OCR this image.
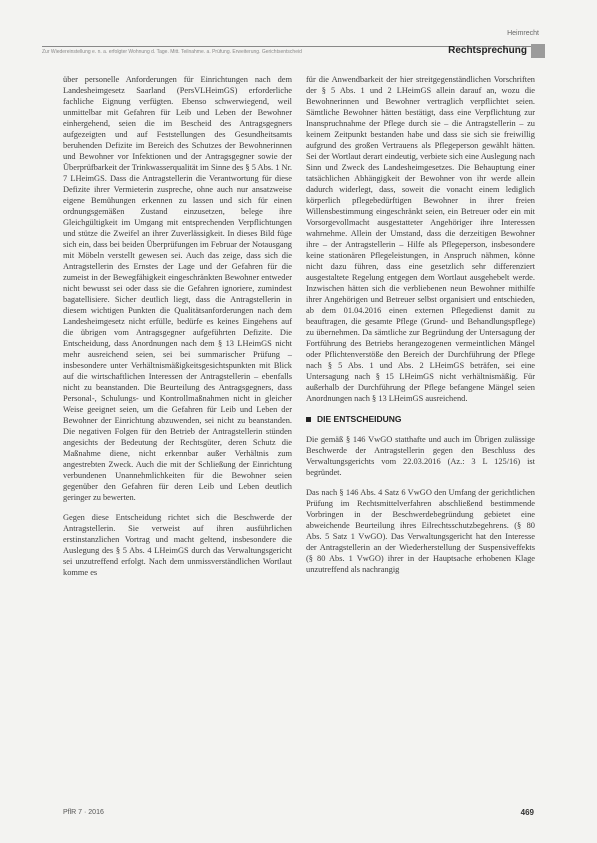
Heimrecht
Zur Wiedereinstellung e. n. a. erfolgter Wohnung d. Tage. Mitt. Teilnahme. a. Prüfung. Erweiterung. Gerichtsentscheid	Rechtsprechung

über personelle Anforderungen für Einrichtungen nach dem Landesheimgesetz Saarland (PersVLHeimGS) erforderliche fachliche Eignung verfügten. Ebenso schwerwiegend, weil unmittelbar mit Gefahren für Leib und Leben der Bewohner einhergehend, seien die im Bescheid des Antragsgegners aufgezeigten und auf Feststellungen des Gesundheitsamts beruhenden Defizite im Bereich des Schutzes der Bewohnerinnen und Bewohner vor Infektionen und der Antragsgegner sowie der Überprüfbarkeit der Trinkwasserqualität im Sinne des § 5 Abs. 1 Nr. 7 LHeimGS. Dass die Antragstellerin die Verantwortung für diese Defizite ihrer Vermieterin zuspreche, ohne auch nur ansatzweise eigene Bemühungen erkennen zu lassen und sich für einen ordnungsgemäßen Zustand einzusetzen, belege ihre Gleichgültigkeit im Umgang mit entsprechenden Verpflichtungen und stütze die Zweifel an ihrer Zuverlässigkeit. In dieses Bild füge sich ein, dass bei beiden Überprüfungen im Februar der Notausgang mit Möbeln verstellt gewesen sei. Auch das zeige, dass sich die Antragstellerin des Ernstes der Lage und der Gefahren für die zumeist in der Bewegfähigkeit eingeschränkten Bewohner entweder nicht bewusst sei oder dass sie die Gefahren ignoriere, zumindest bagatellisiere. Sicher deutlich liegt, dass die Antragstellerin in diesem wichtigen Punkten die Qualitätsanforderungen nach dem Landesheimgesetz nicht erfülle, bedürfe es keines Eingehens auf die übrigen vom Antragsgegner aufgeführten Defizite. Die Entscheidung, dass Anordnungen nach dem § 13 LHeimGS nicht mehr ausreichend seien, sei bei summarischer Prüfung – insbesondere unter Verhältnismäßigkeitsgesichtspunkten mit Blick auf die wirtschaftlichen Interessen der Antragstellerin – ebenfalls nicht zu beanstanden. Die Beurteilung des Antragsgegners, dass Personal-, Schulungs- und Kontrollmaßnahmen nicht in gleicher Weise geeignet seien, um die Gefahren für Leib und Leben der Bewohner der Einrichtung abzuwenden, sei nicht zu beanstanden. Die negativen Folgen für den Betrieb der Antragstellerin stünden angesichts der Bedeutung der Rechtsgüter, deren Schutz die Maßnahme diene, nicht erkennbar außer Verhältnis zum angestrebten Zweck. Auch die mit der Schließung der Einrichtung verbundenen Unannehmlichkeiten für die Bewohner seien gegenüber den Gefahren für deren Leib und Leben deutlich geringer zu bewerten.

Gegen diese Entscheidung richtet sich die Beschwerde der Antragstellerin. Sie verweist auf ihren ausführlichen erstinstanzlichen Vortrag und macht geltend, insbesondere die Auslegung des § 5 Abs. 4 LHeimGS durch das Verwaltungsgericht sei unzutreffend erfolgt. Nach dem unmissverständlichen Wortlaut komme es

für die Anwendbarkeit der hier streitgegenständlichen Vorschriften der § 5 Abs. 1 und 2 LHeimGS allein darauf an, wozu die Bewohnerinnen und Bewohner vertraglich verpflichtet seien. Sämtliche Bewohner hätten bestätigt, dass eine Verpflichtung zur Inanspruchnahme der Pflege durch sie – die Antragstellerin – zu keinem Zeitpunkt bestanden habe und dass sie sich sie freiwillig aufgrund des großen Vertrauens als Pflegeperson gewählt hätten. Sei der Wortlaut derart eindeutig, verbiete sich eine Auslegung nach Sinn und Zweck des Landesheimgesetzes. Die Behauptung einer tatsächlichen Abhängigkeit der Bewohner von ihr werde allein dadurch widerlegt, dass, soweit die vonacht einem lediglich körperlich pflegebedürftigen Bewohner in ihrer freien Willensbestimmung eingeschränkt seien, ein Betreuer oder ein mit Vorsorgevollmacht ausgestatteter Angehöriger ihre Interessen wahrnehme. Allein der Umstand, dass die derzeitigen Bewohner ihre – der Antragstellerin – Hilfe als Pflegeperson, insbesondere keine stationären Pflegeleistungen, in Anspruch nähmen, könne nicht dazu führen, dass eine gesetzlich sehr differenziert ausgestaltete Regelung entgegen dem Wortlaut ausgehebelt werde. Inzwischen hätten sich die verbliebenen neun Bewohner mithilfe ihrer Angehörigen und Betreuer selbst organisiert und entschieden, ab dem 01.04.2016 einen externen Pflegedienst damit zu beauftragen, die gesamte Pflege (Grund- und Behandlungspflege) zu übernehmen. Da sämtliche zur Begründung der Untersagung der Fortführung des Betriebs herangezogenen vermeintlichen Mängel oder Pflichtenverstöße den Bereich der Durchführung der Pflege nach § 5 Abs. 1 und Abs. 2 LHeimGS beträfen, sei eine Untersagung nach § 15 LHeimGS nicht verhältnismäßig. Für außerhalb der Durchführung der Pflege befangene Mängel seien Anordnungen nach § 13 LHeimGS ausreichend.

DIE ENTSCHEIDUNG

Die gemäß § 146 VwGO statthafte und auch im Übrigen zulässige Beschwerde der Antragstellerin gegen den Beschluss des Verwaltungsgerichts vom 22.03.2016 (Az.: 3 L 125/16) ist begründet.

Das nach § 146 Abs. 4 Satz 6 VwGO den Umfang der gerichtlichen Prüfung im Rechtsmittelverfahren abschließend bestimmende Vorbringen in der Beschwerdebegründung gebietet eine abweichende Beurteilung ihres Eilrechtsschutzbegehrens. (§ 80 Abs. 5 Satz 1 VwGO). Das Verwaltungsgericht hat den Interesse der Antragstellerin an der Wiederherstellung der Suspensiveffekts (§ 80 Abs. 1 VwGO) ihrer in der Hauptsache erhobenen Klage unzutreffend als nachrangig

PflR 7 · 2016	469
